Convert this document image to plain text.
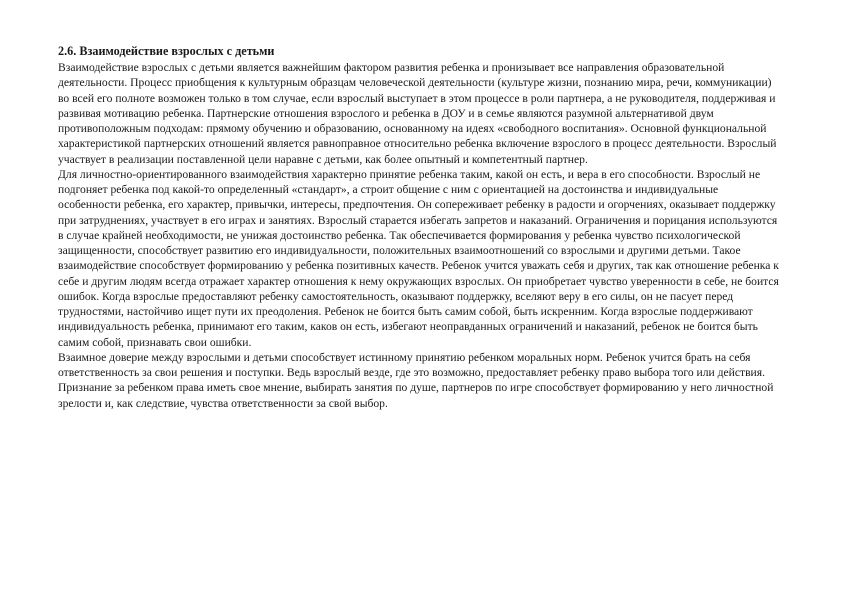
2.6. Взаимодействие взрослых с детьми

Взаимодействие взрослых с детьми является важнейшим фактором развития ребенка и пронизывает все направления образовательной деятельности. Процесс приобщения к культурным образцам человеческой деятельности (культуре жизни, познанию мира, речи, коммуникации) во всей его полноте возможен только в том случае, если взрослый выступает в этом процессе в роли партнера, а не руководителя, поддерживая и развивая мотивацию ребенка. Партнерские отношения взрослого и ребенка в ДОУ и в семье являются разумной альтернативой двум противоположным подходам: прямому обучению и образованию, основанному на идеях «свободного воспитания». Основной функциональной характеристикой партнерских отношений является равноправное относительно ребенка включение взрослого в процесс деятельности. Взрослый участвует в реализации поставленной цели наравне с детьми, как более опытный и компетентный партнер.

Для личностно-ориентированного взаимодействия характерно принятие ребенка таким, какой он есть, и вера в его способности. Взрослый не подгоняет ребенка под какой-то определенный «стандарт», а строит общение с ним с ориентацией на достоинства и индивидуальные особенности ребенка, его характер, привычки, интересы, предпочтения. Он сопереживает ребенку в радости и огорчениях, оказывает поддержку при затруднениях, участвует в его играх и занятиях. Взрослый старается избегать запретов и наказаний. Ограничения и порицания используются в случае крайней необходимости, не унижая достоинство ребенка. Так обеспечивается формирования у ребенка чувство психологической защищенности, способствует развитию его индивидуальности, положительных взаимоотношений со взрослыми и другими детьми. Такое взаимодействие способствует формированию у ребенка позитивных качеств. Ребенок учится уважать себя и других, так как отношение ребенка к себе и другим людям всегда отражает характер отношения к нему окружающих взрослых. Он приобретает чувство уверенности в себе, не боится ошибок. Когда взрослые предоставляют ребенку самостоятельность, оказывают поддержку, вселяют веру в его силы, он не пасует перед трудностями, настойчиво ищет пути их преодоления. Ребенок не боится быть самим собой, быть искренним. Когда взрослые поддерживают индивидуальность ребенка, принимают его таким, каков он есть, избегают неоправданных ограничений и наказаний, ребенок не боится быть самим собой, признавать свои ошибки.

Взаимное доверие между взрослыми и детьми способствует истинному принятию ребенком моральных норм. Ребенок учится брать на себя ответственность за свои решения и поступки. Ведь взрослый везде, где это возможно, предоставляет ребенку право выбора того или действия. Признание за ребенком права иметь свое мнение, выбирать занятия по душе, партнеров по игре способствует формированию у него личностной зрелости и, как следствие, чувства ответственности за свой выбор.
